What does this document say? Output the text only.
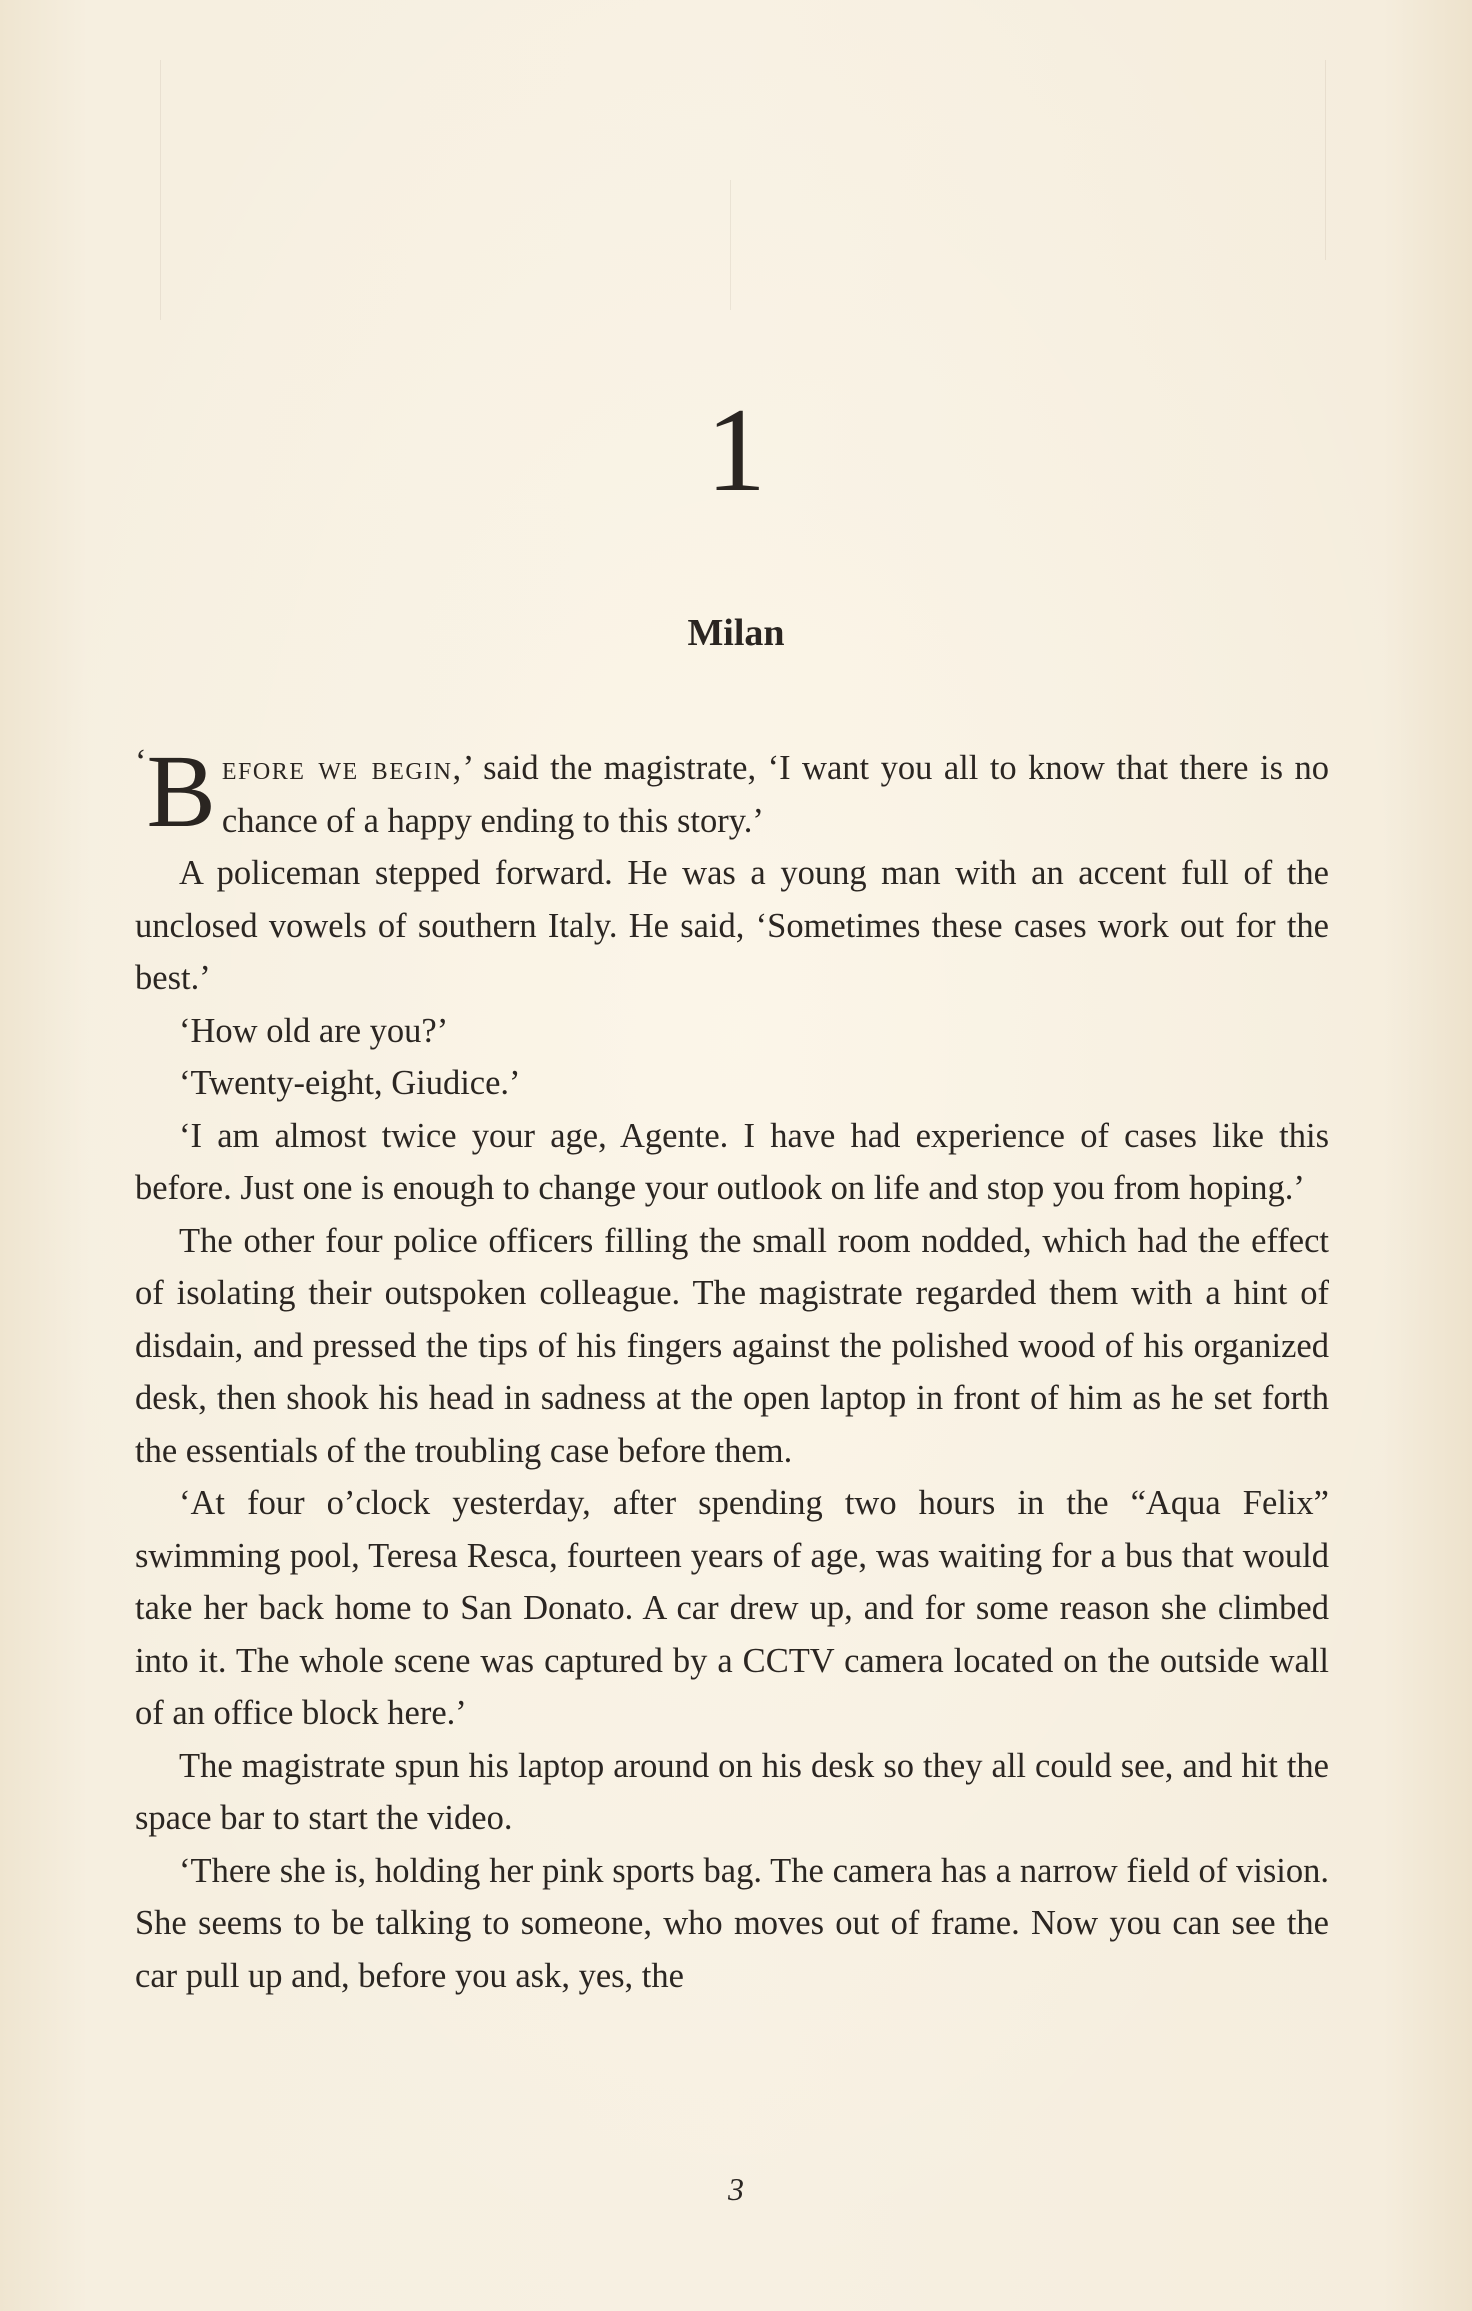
1
Milan

‘ B efore we begin,’ said the magistrate, ‘I want you all to know that there is no chance of a happy ending to this story.’

A policeman stepped forward. He was a young man with an accent full of the unclosed vowels of southern Italy. He said, ‘Sometimes these cases work out for the best.’

‘How old are you?’

‘Twenty-eight, Giudice.’

‘I am almost twice your age, Agente. I have had experience of cases like this before. Just one is enough to change your outlook on life and stop you from hoping.’

The other four police officers filling the small room nodded, which had the effect of isolating their outspoken colleague. The magistrate regarded them with a hint of disdain, and pressed the tips of his fingers against the polished wood of his organized desk, then shook his head in sadness at the open laptop in front of him as he set forth the essentials of the troubling case before them.

‘At four o’clock yesterday, after spending two hours in the “Aqua Felix” swimming pool, Teresa Resca, fourteen years of age, was waiting for a bus that would take her back home to San Donato. A car drew up, and for some reason she climbed into it. The whole scene was captured by a CCTV camera located on the outside wall of an office block here.’

The magistrate spun his laptop around on his desk so they all could see, and hit the space bar to start the video.

‘There she is, holding her pink sports bag. The camera has a narrow field of vision. She seems to be talking to someone, who moves out of frame. Now you can see the car pull up and, before you ask, yes, the

3
